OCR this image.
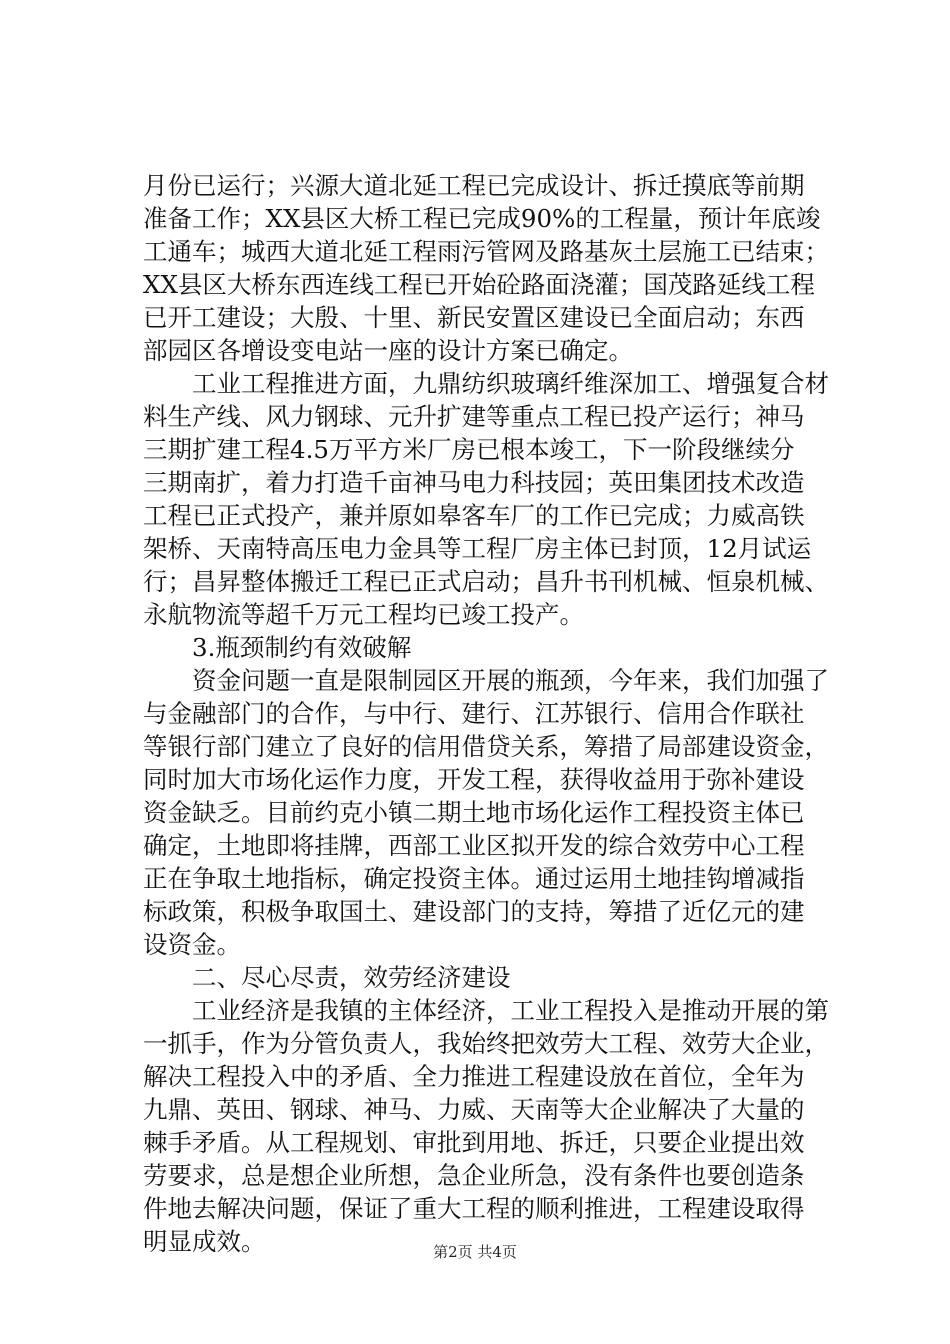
月份已运行；兴源大道北延工程已完成设计、拆迁摸底等前期
准备工作；XX县区大桥工程已完成90%的工程量，预计年底竣
工通车；城西大道北延工程雨污管网及路基灰土层施工已结束；
XX县区大桥东西连线工程已开始砼路面浇灌；国茂路延线工程
已开工建设；大殷、十里、新民安置区建设已全面启动；东西
部园区各增设变电站一座的设计方案已确定。
　　工业工程推进方面，九鼎纺织玻璃纤维深加工、增强复合材
料生产线、风力钢球、元升扩建等重点工程已投产运行；神马
三期扩建工程4.5万平方米厂房已根本竣工，下一阶段继续分
三期南扩，着力打造千亩神马电力科技园；英田集团技术改造
工程已正式投产，兼并原如皋客车厂的工作已完成；力威高铁
架桥、天南特高压电力金具等工程厂房主体已封顶，12月试运
行；昌昇整体搬迁工程已正式启动；昌升书刊机械、恒泉机械、
永航物流等超千万元工程均已竣工投产。
　　3.瓶颈制约有效破解
　　资金问题一直是限制园区开展的瓶颈，今年来，我们加强了
与金融部门的合作，与中行、建行、江苏银行、信用合作联社
等银行部门建立了良好的信用借贷关系，筹措了局部建设资金，
同时加大市场化运作力度，开发工程，获得收益用于弥补建设
资金缺乏。目前约克小镇二期土地市场化运作工程投资主体已
确定，土地即将挂牌，西部工业区拟开发的综合效劳中心工程
正在争取土地指标，确定投资主体。通过运用土地挂钩增减指
标政策，积极争取国土、建设部门的支持，筹措了近亿元的建
设资金。
　　二、尽心尽责，效劳经济建设
　　工业经济是我镇的主体经济，工业工程投入是推动开展的第
一抓手，作为分管负责人，我始终把效劳大工程、效劳大企业，
解决工程投入中的矛盾、全力推进工程建设放在首位，全年为
九鼎、英田、钢球、神马、力威、天南等大企业解决了大量的
棘手矛盾。从工程规划、审批到用地、拆迁，只要企业提出效
劳要求，总是想企业所想，急企业所急，没有条件也要创造条
件地去解决问题，保证了重大工程的顺利推进，工程建设取得
明显成效。	第2页 共4页
